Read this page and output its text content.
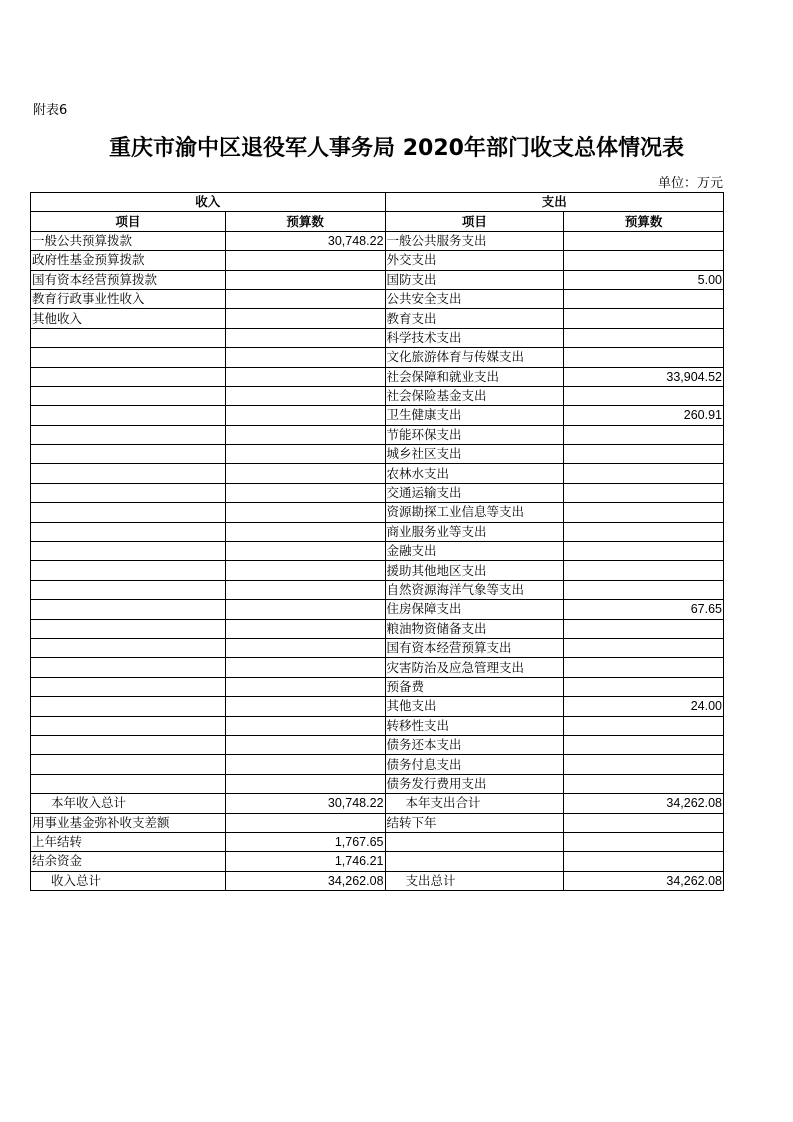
附表6
重庆市渝中区退役军人事务局 2020年部门收支总体情况表
单位：万元
收入		支出	
项目	预算数	项目	预算数
一般公共预算拨款	30,748.22	一般公共服务支出	
政府性基金预算拨款		外交支出	
国有资本经营预算拨款		国防支出	5.00
教育行政事业性收入		公共安全支出	
其他收入		教育支出	
		科学技术支出	
		文化旅游体育与传媒支出	
		社会保障和就业支出	33,904.52
		社会保险基金支出	
		卫生健康支出	260.91
		节能环保支出	
		城乡社区支出	
		农林水支出	
		交通运输支出	
		资源勘探工业信息等支出	
		商业服务业等支出	
		金融支出	
		援助其他地区支出	
		自然资源海洋气象等支出	
		住房保障支出	67.65
		粮油物资储备支出	
		国有资本经营预算支出	
		灾害防治及应急管理支出	
		预备费	
		其他支出	24.00
		转移性支出	
		债务还本支出	
		债务付息支出	
		债务发行费用支出	
本年收入总计	30,748.22	本年支出合计	34,262.08
用事业基金弥补收支差额		结转下年	
上年结转	1,767.65		
结余资金	1,746.21		
收入总计	34,262.08	支出总计	34,262.08
